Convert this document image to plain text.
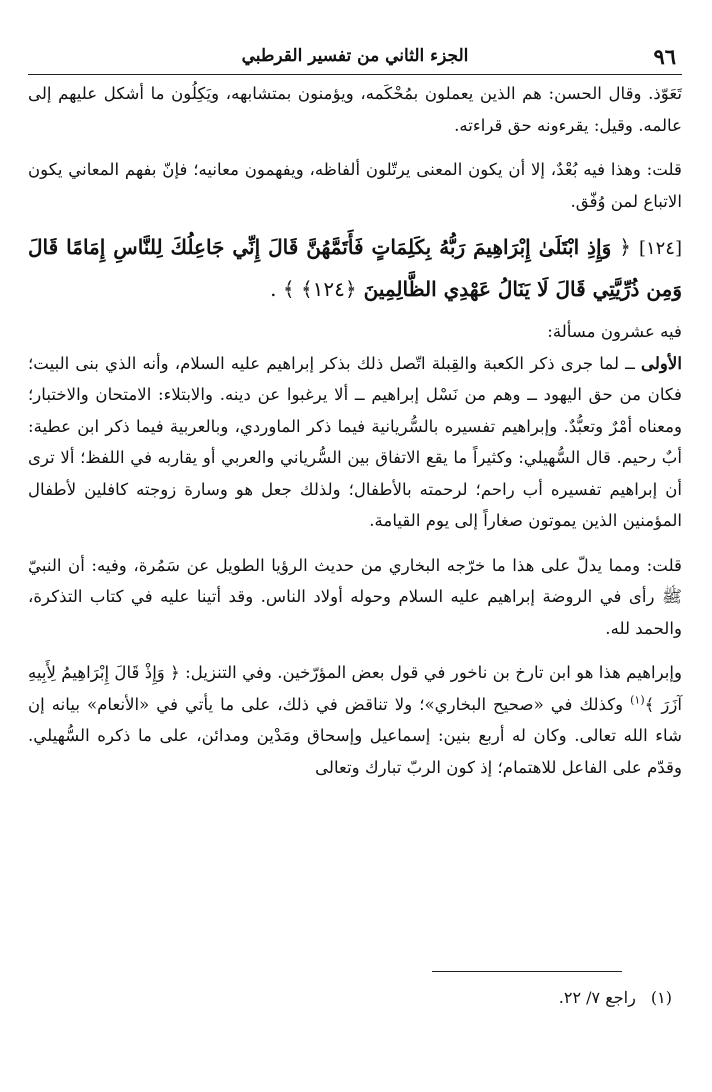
٩٦
الجزء الثاني من تفسير القرطبي

تَعَوّذ. وقال الحسن: هم الذين يعملون بمُحْكَمه، ويؤمنون بمتشابهه، ويَكِلُون ما أشكل عليهم إلى عالمه. وقيل: يقرءونه حق قراءته.

قلت: وهذا فيه بُعْدٌ، إلا أن يكون المعنى يرتّلون ألفاظه، ويفهمون معانيه؛ فإنّ بفهم المعاني يكون الاتباع لمن وُفّق.

[١٢٤] ﴿ وَإِذِ ابْتَلَىٰ إِبْرَاهِيمَ رَبُّهُ بِكَلِمَاتٍ فَأَتَمَّهُنَّ قَالَ إِنِّي جَاعِلُكَ لِلنَّاسِ إِمَامًا قَالَ وَمِن ذُرِّيَّتِي قَالَ لَا يَنَالُ عَهْدِي الظَّالِمِينَ ﴿١٢٤﴾ ﴾ .

فيه عشرون مسألة:

الأولى ــ لما جرى ذكر الكعبة والقِبلة اتّصل ذلك بذكر إبراهيم عليه السلام، وأنه الذي بنى البيت؛ فكان من حق اليهود ــ وهم من نَسْل إبراهيم ــ ألا يرغبوا عن دينه. والابتلاء: الامتحان والاختبار؛ ومعناه أمْرٌ وتعبُّدٌ. وإبراهيم تفسيره بالسُّريانية فيما ذكر الماوردي، وبالعربية فيما ذكر ابن عطية: أبٌ رحيم. قال السُّهيلي: وكثيراً ما يقع الاتفاق بين السُّرياني والعربي أو يقاربه في اللفظ؛ ألا ترى أن إبراهيم تفسيره أب راحم؛ لرحمته بالأطفال؛ ولذلك جعل هو وسارة زوجته كافلين لأطفال المؤمنين الذين يموتون صغاراً إلى يوم القيامة.

قلت: ومما يدلّ على هذا ما خرّجه البخاري من حديث الرؤيا الطويل عن سَمُرة، وفيه: أن النبيّ ﷺ رأى في الروضة إبراهيم عليه السلام وحوله أولاد الناس. وقد أتينا عليه في كتاب التذكرة، والحمد لله.

وإبراهيم هذا هو ابن تارخ بن ناخور في قول بعض المؤرّخين. وفي التنزيل: ﴿ وَإِذْ قَالَ إِبْرَاهِيمُ لِأَبِيهِ آزَرَ ﴾$^{(١)}$ وكذلك في «صحيح البخاري»؛ ولا تناقض في ذلك، على ما يأتي في «الأنعام» بيانه إن شاء الله تعالى. وكان له أربع بنين: إسماعيل وإسحاق ومَدْين ومدائن، على ما ذكره السُّهيلي. وقدّم على الفاعل للاهتمام؛ إذ كون الربّ تبارك وتعالى

(١) راجع ٧/ ٢٢.
